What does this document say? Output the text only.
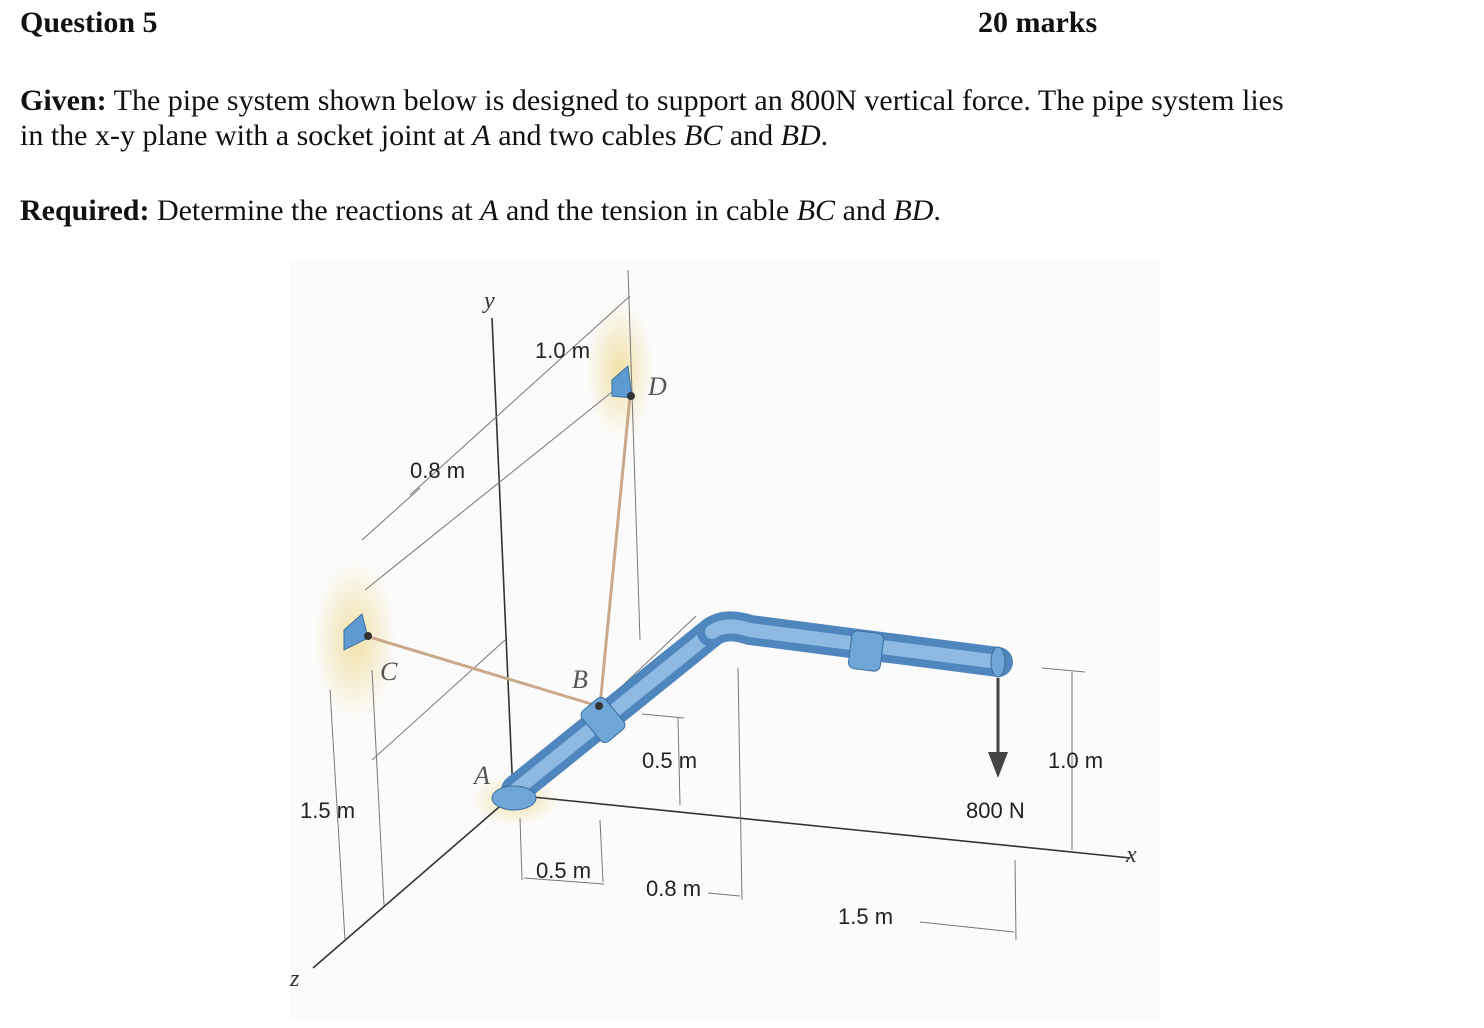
Question 5	20 marks
Given: The pipe system shown below is designed to support an 800N vertical force. The pipe system lies
in the x-y plane with a socket joint at A and two cables BC and BD.
Required: Determine the reactions at A and the tension in cable BC and BD.
y
x
z
D
C	B
A
1.0 m
0.8 m
0.5 m
1.5 m
1.0 m
0.5 m
0.8 m
1.5 m
800 N
